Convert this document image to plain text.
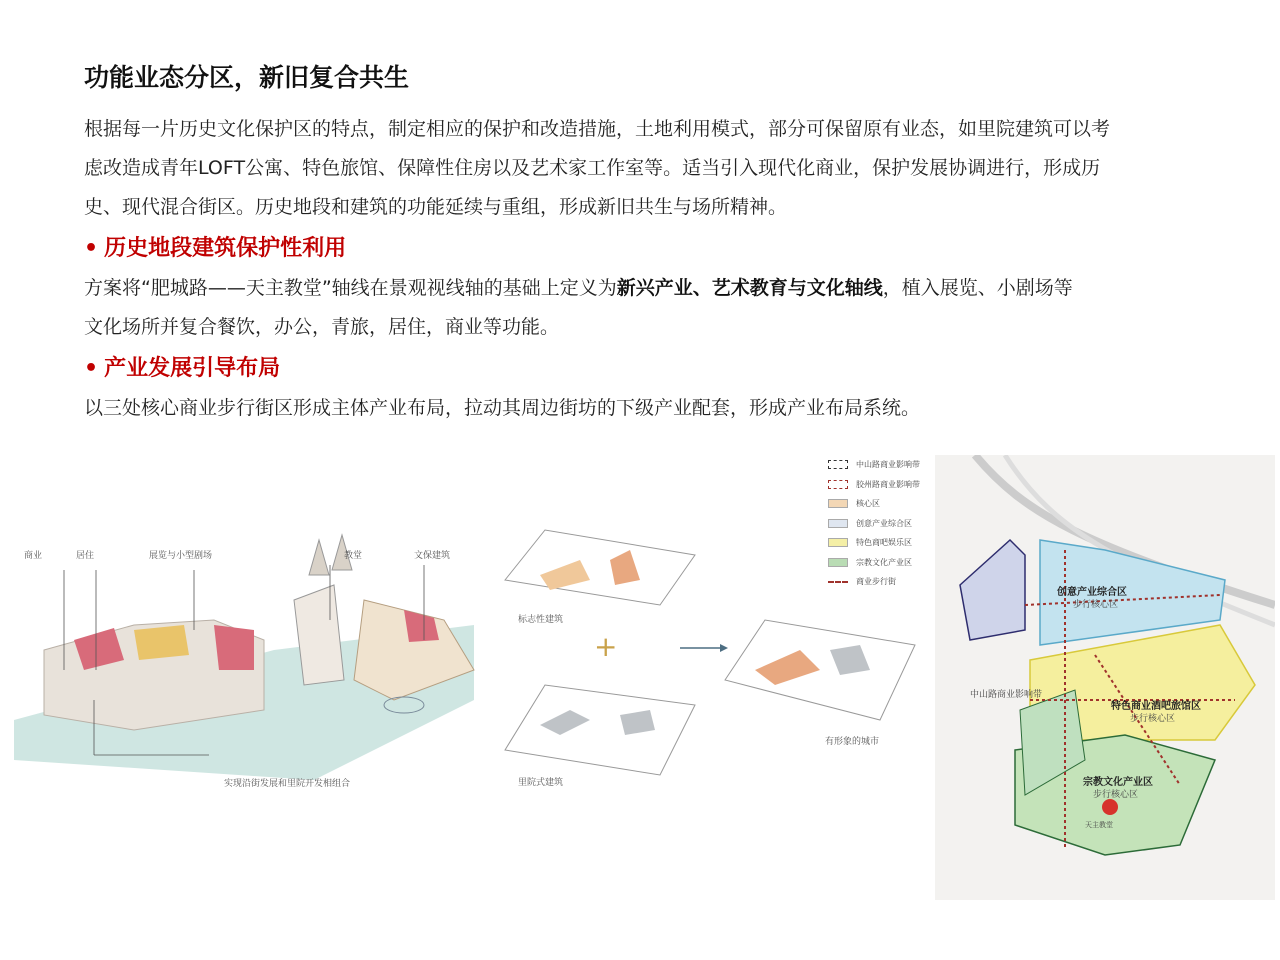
功能业态分区，新旧复合共生

根据每一片历史文化保护区的特点，制定相应的保护和改造措施，土地利用模式，部分可保留原有业态，如里院建筑可以考

虑改造成青年LOFT公寓、特色旅馆、保障性住房以及艺术家工作室等。适当引入现代化商业，保护发展协调进行，形成历

史、现代混合街区。历史地段和建筑的功能延续与重组，形成新旧共生与场所精神。

• 历史地段建筑保护性利用

方案将“肥城路——天主教堂”轴线在景观视线轴的基础上定义为新兴产业、艺术教育与文化轴线，植入展览、小剧场等

文化场所并复合餐饮，办公，青旅，居住，商业等功能。

• 产业发展引导布局

以三处核心商业步行街区形成主体产业布局，拉动其周边街坊的下级产业配套，形成产业布局系统。

商业	居住	展览与小型剧场	教堂	文保建筑
实现沿街发展和里院开发相组合
标志性建筑
里院式建筑
有形象的城市
+
创意产业综合区
步行核心区
特色商业酒吧旅馆区
步行核心区
宗教文化产业区
步行核心区
中山路商业影响带
天主教堂
中山路商业影响带
胶州路商业影响带
核心区
创意产业综合区
特色商吧娱乐区
宗教文化产业区
商业步行街
